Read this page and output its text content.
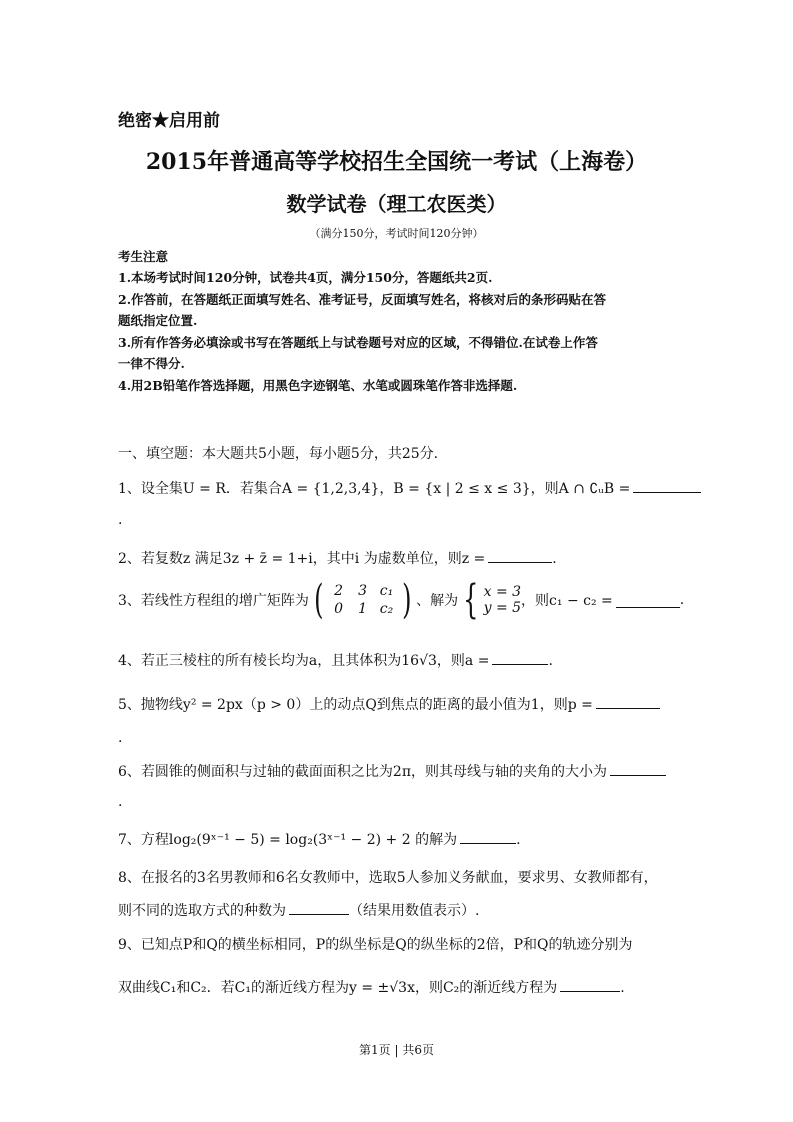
绝密★启用前
2015年普通高等学校招生全国统一考试（上海卷）
数学试卷（理工农医类）
（满分150分，考试时间120分钟）
考生注意
1.本场考试时间120分钟，试卷共4页，满分150分，答题纸共2页.
2.作答前，在答题纸正面填写姓名、准考证号，反面填写姓名，将核对后的条形码贴在答
题纸指定位置.
3.所有作答务必填涂或书写在答题纸上与试卷题号对应的区域，不得错位.在试卷上作答
一律不得分.
4.用2B铅笔作答选择题，用黑色字迹钢笔、水笔或圆珠笔作答非选择题.
一、填空题：本大题共5小题，每小题5分，共25分.
1、设全集U = R．若集合A = {1,2,3,4}，B = {x | 2 ≤ x ≤ 3}，则A ∩ ∁ᵤB =
.
2、若复数z 满足3z + z̄ = 1+i，其中i 为虚数单位，则z =	.
3、若线性方程组的增广矩阵为 ( 2	3 c₁
0	1 c₂ ) 、解为 { x = 3
y = 5 ，则c₁ − c₂ =	.
4、若正三棱柱的所有棱长均为a，且其体积为16√3，则a =	.
5、抛物线y² = 2px（p > 0）上的动点Q到焦点的距离的最小值为1，则p =
.
6、若圆锥的侧面积与过轴的截面面积之比为2π，则其母线与轴的夹角的大小为
.
7、方程log₂(9ˣ⁻¹ − 5) = log₂(3ˣ⁻¹ − 2) + 2 的解为	.
8、在报名的3名男教师和6名女教师中，选取5人参加义务献血，要求男、女教师都有，
则不同的选取方式的种数为	（结果用数值表示）.
9、已知点P和Q的横坐标相同，P的纵坐标是Q的纵坐标的2倍，P和Q的轨迹分别为
双曲线C₁和C₂．若C₁的渐近线方程为y = ±√3x，则C₂的渐近线方程为	.
第1页 | 共6页
